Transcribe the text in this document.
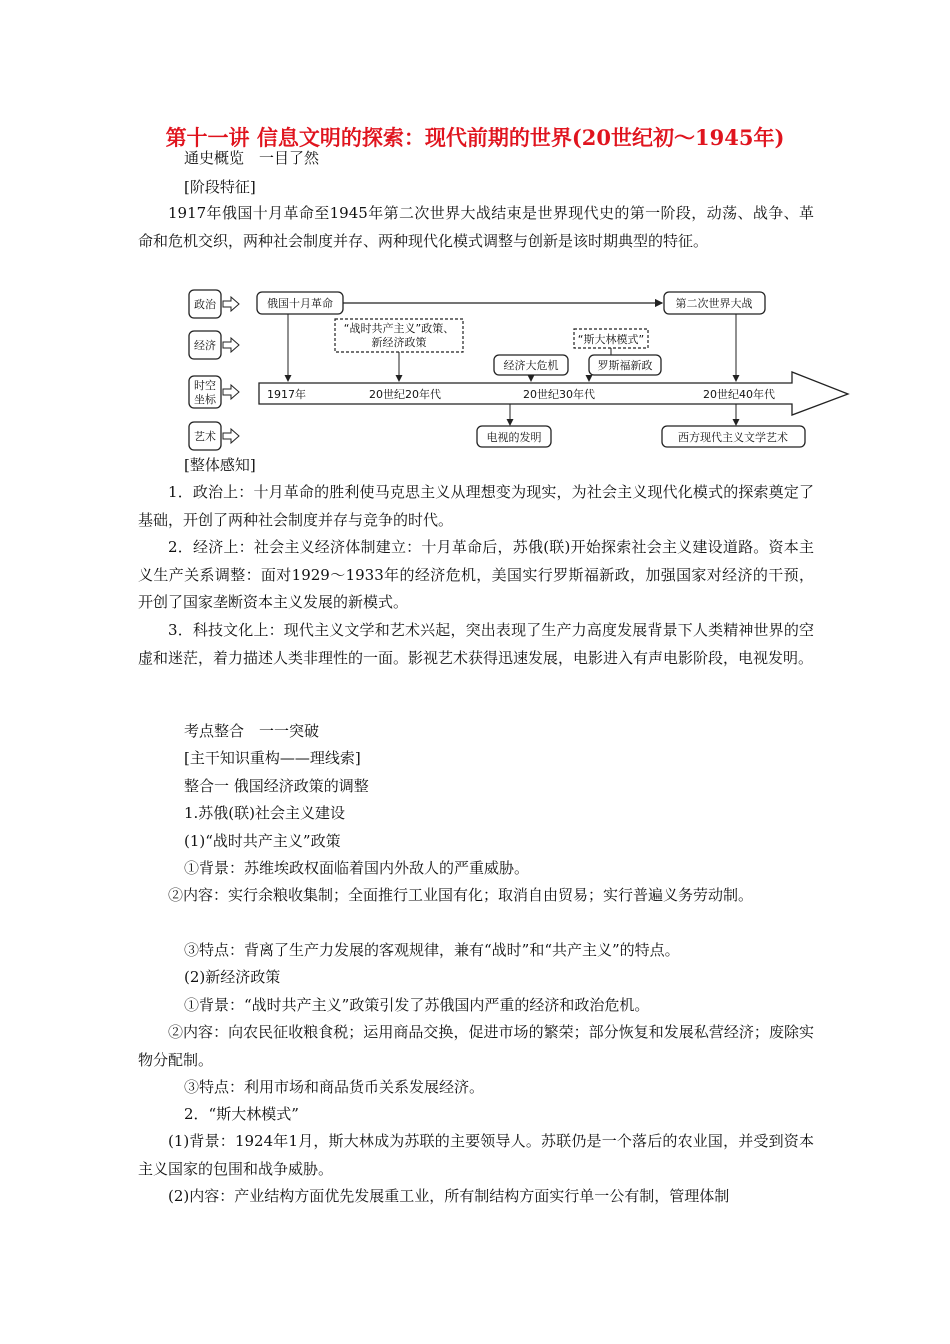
第十一讲 信息文明的探索：现代前期的世界(20世纪初～1945年)
通史概览　一目了然
[阶段特征]
1917年俄国十月革命至1945年第二次世界大战结束是世界现代史的第一阶段，动荡、战争、革命和危机交织，两种社会制度并存、两种现代化模式调整与创新是该时期典型的特征。
政治
经济
时空
坐标
艺术
1917年	20世纪20年代	20世纪30年代	20世纪40年代
俄国十月革命	第二次世界大战
“战时共产主义”政策、
新经济政策	“斯大林模式”
经济大危机	罗斯福新政
电视的发明	西方现代主义文学艺术
[整体感知]
1．政治上：十月革命的胜利使马克思主义从理想变为现实，为社会主义现代化模式的探索奠定了基础，开创了两种社会制度并存与竞争的时代。
2．经济上：社会主义经济体制建立：十月革命后，苏俄(联)开始探索社会主义建设道路。资本主义生产关系调整：面对1929～1933年的经济危机，美国实行罗斯福新政，加强国家对经济的干预，开创了国家垄断资本主义发展的新模式。
3．科技文化上：现代主义文学和艺术兴起，突出表现了生产力高度发展背景下人类精神世界的空虚和迷茫，着力描述人类非理性的一面。影视艺术获得迅速发展，电影进入有声电影阶段，电视发明。
考点整合　一一突破
[主干知识重构——理线索]
整合一 俄国经济政策的调整
1.苏俄(联)社会主义建设
(1)“战时共产主义”政策
①背景：苏维埃政权面临着国内外敌人的严重威胁。
②内容：实行余粮收集制；全面推行工业国有化；取消自由贸易；实行普遍义务劳动制。
③特点：背离了生产力发展的客观规律，兼有“战时”和“共产主义”的特点。
(2)新经济政策
①背景：“战时共产主义”政策引发了苏俄国内严重的经济和政治危机。
②内容：向农民征收粮食税；运用商品交换，促进市场的繁荣；部分恢复和发展私营经济；废除实物分配制。
③特点：利用市场和商品货币关系发展经济。
2．“斯大林模式”
(1)背景：1924年1月，斯大林成为苏联的主要领导人。苏联仍是一个落后的农业国，并受到资本主义国家的包围和战争威胁。
(2)内容：产业结构方面优先发展重工业，所有制结构方面实行单一公有制，管理体制
